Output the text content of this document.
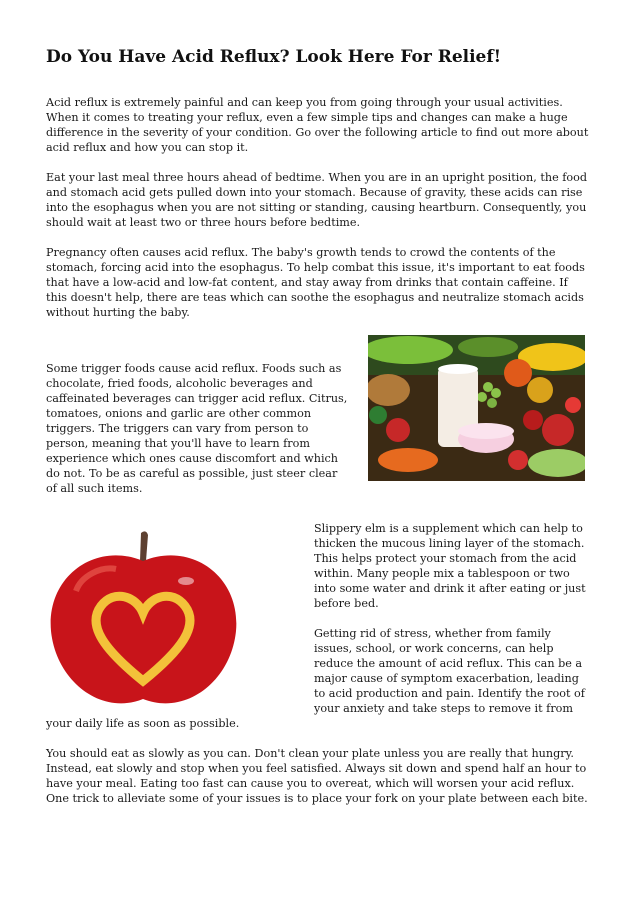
Do You Have Acid Reflux? Look Here For Relief!

Acid reflux is extremely painful and can keep you from going through your usual activities. When it comes to treating your reflux, even a few simple tips and changes can make a huge difference in the severity of your condition. Go over the following article to find out more about acid reflux and how you can stop it.

Eat your last meal three hours ahead of bedtime. When you are in an upright position, the food and stomach acid gets pulled down into your stomach. Because of gravity, these acids can rise into the esophagus when you are not sitting or standing, causing heartburn. Consequently, you should wait at least two or three hours before bedtime.

Pregnancy often causes acid reflux. The baby's growth tends to crowd the contents of the stomach, forcing acid into the esophagus. To help combat this issue, it's important to eat foods that have a low-acid and low-fat content, and stay away from drinks that contain caffeine. If this doesn't help, there are teas which can soothe the esophagus and neutralize stomach acids without hurting the baby.

Some trigger foods cause acid reflux. Foods such as chocolate, fried foods, alcoholic beverages and caffeinated beverages can trigger acid reflux. Citrus, tomatoes, onions and garlic are other common triggers. The triggers can vary from person to person, meaning that you'll have to learn from experience which ones cause discomfort and which do not. To be as careful as possible, just steer clear of all such items.

Slippery elm is a supplement which can help to thicken the mucous lining layer of the stomach. This helps protect your stomach from the acid within. Many people mix a tablespoon or two into some water and drink it after eating or just before bed.

Getting rid of stress, whether from family issues, school, or work concerns, can help reduce the amount of acid reflux. This can be a major cause of symptom exacerbation, leading to acid production and pain. Identify the root of your anxiety and take steps to remove it from your daily life as soon as possible.

You should eat as slowly as you can. Don't clean your plate unless you are really that hungry. Instead, eat slowly and stop when you feel satisfied. Always sit down and spend half an hour to have your meal. Eating too fast can cause you to overeat, which will worsen your acid reflux. One trick to alleviate some of your issues is to place your fork on your plate between each bite.
